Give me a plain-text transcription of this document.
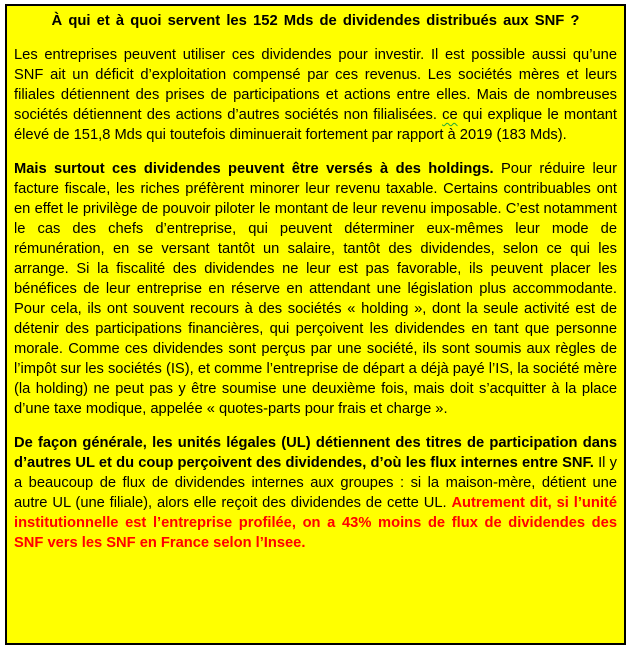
À qui et à quoi servent les 152 Mds de dividendes distribués aux SNF ?

Les entreprises peuvent utiliser ces dividendes pour investir. Il est possible aussi qu’une SNF ait un déficit d’exploitation compensé par ces revenus. Les sociétés mères et leurs filiales détiennent des prises de participations et actions entre elles. Mais de nombreuses sociétés détiennent des actions d’autres sociétés non filialisées. ce qui explique le montant élevé de 151,8 Mds qui toutefois diminuerait fortement par rapport à 2019 (183 Mds).

Mais surtout ces dividendes peuvent être versés à des holdings. Pour réduire leur facture fiscale, les riches préfèrent minorer leur revenu taxable. Certains contribuables ont en effet le privilège de pouvoir piloter le montant de leur revenu imposable. C’est notamment le cas des chefs d’entreprise, qui peuvent déterminer eux-mêmes leur mode de rémunération, en se versant tantôt un salaire, tantôt des dividendes, selon ce qui les arrange. Si la fiscalité des dividendes ne leur est pas favorable, ils peuvent placer les bénéfices de leur entreprise en réserve en attendant une législation plus accommodante. Pour cela, ils ont souvent recours à des sociétés « holding », dont la seule activité est de détenir des participations financières, qui perçoivent les dividendes en tant que personne morale. Comme ces dividendes sont perçus par une société, ils sont soumis aux règles de l’impôt sur les sociétés (IS), et comme l’entreprise de départ a déjà payé l’IS, la société mère (la holding) ne peut pas y être soumise une deuxième fois, mais doit s’acquitter à la place d’une taxe modique, appelée « quotes-parts pour frais et charge ».

De façon générale, les unités légales (UL) détiennent des titres de participation dans d’autres UL et du coup perçoivent des dividendes, d’où les flux internes entre SNF. Il y a beaucoup de flux de dividendes internes aux groupes : si la maison-mère, détient une autre UL (une filiale), alors elle reçoit des dividendes de cette UL. Autrement dit, si l’unité institutionnelle est l’entreprise profilée, on a 43% moins de flux de dividendes des SNF vers les SNF en France selon l’Insee.
